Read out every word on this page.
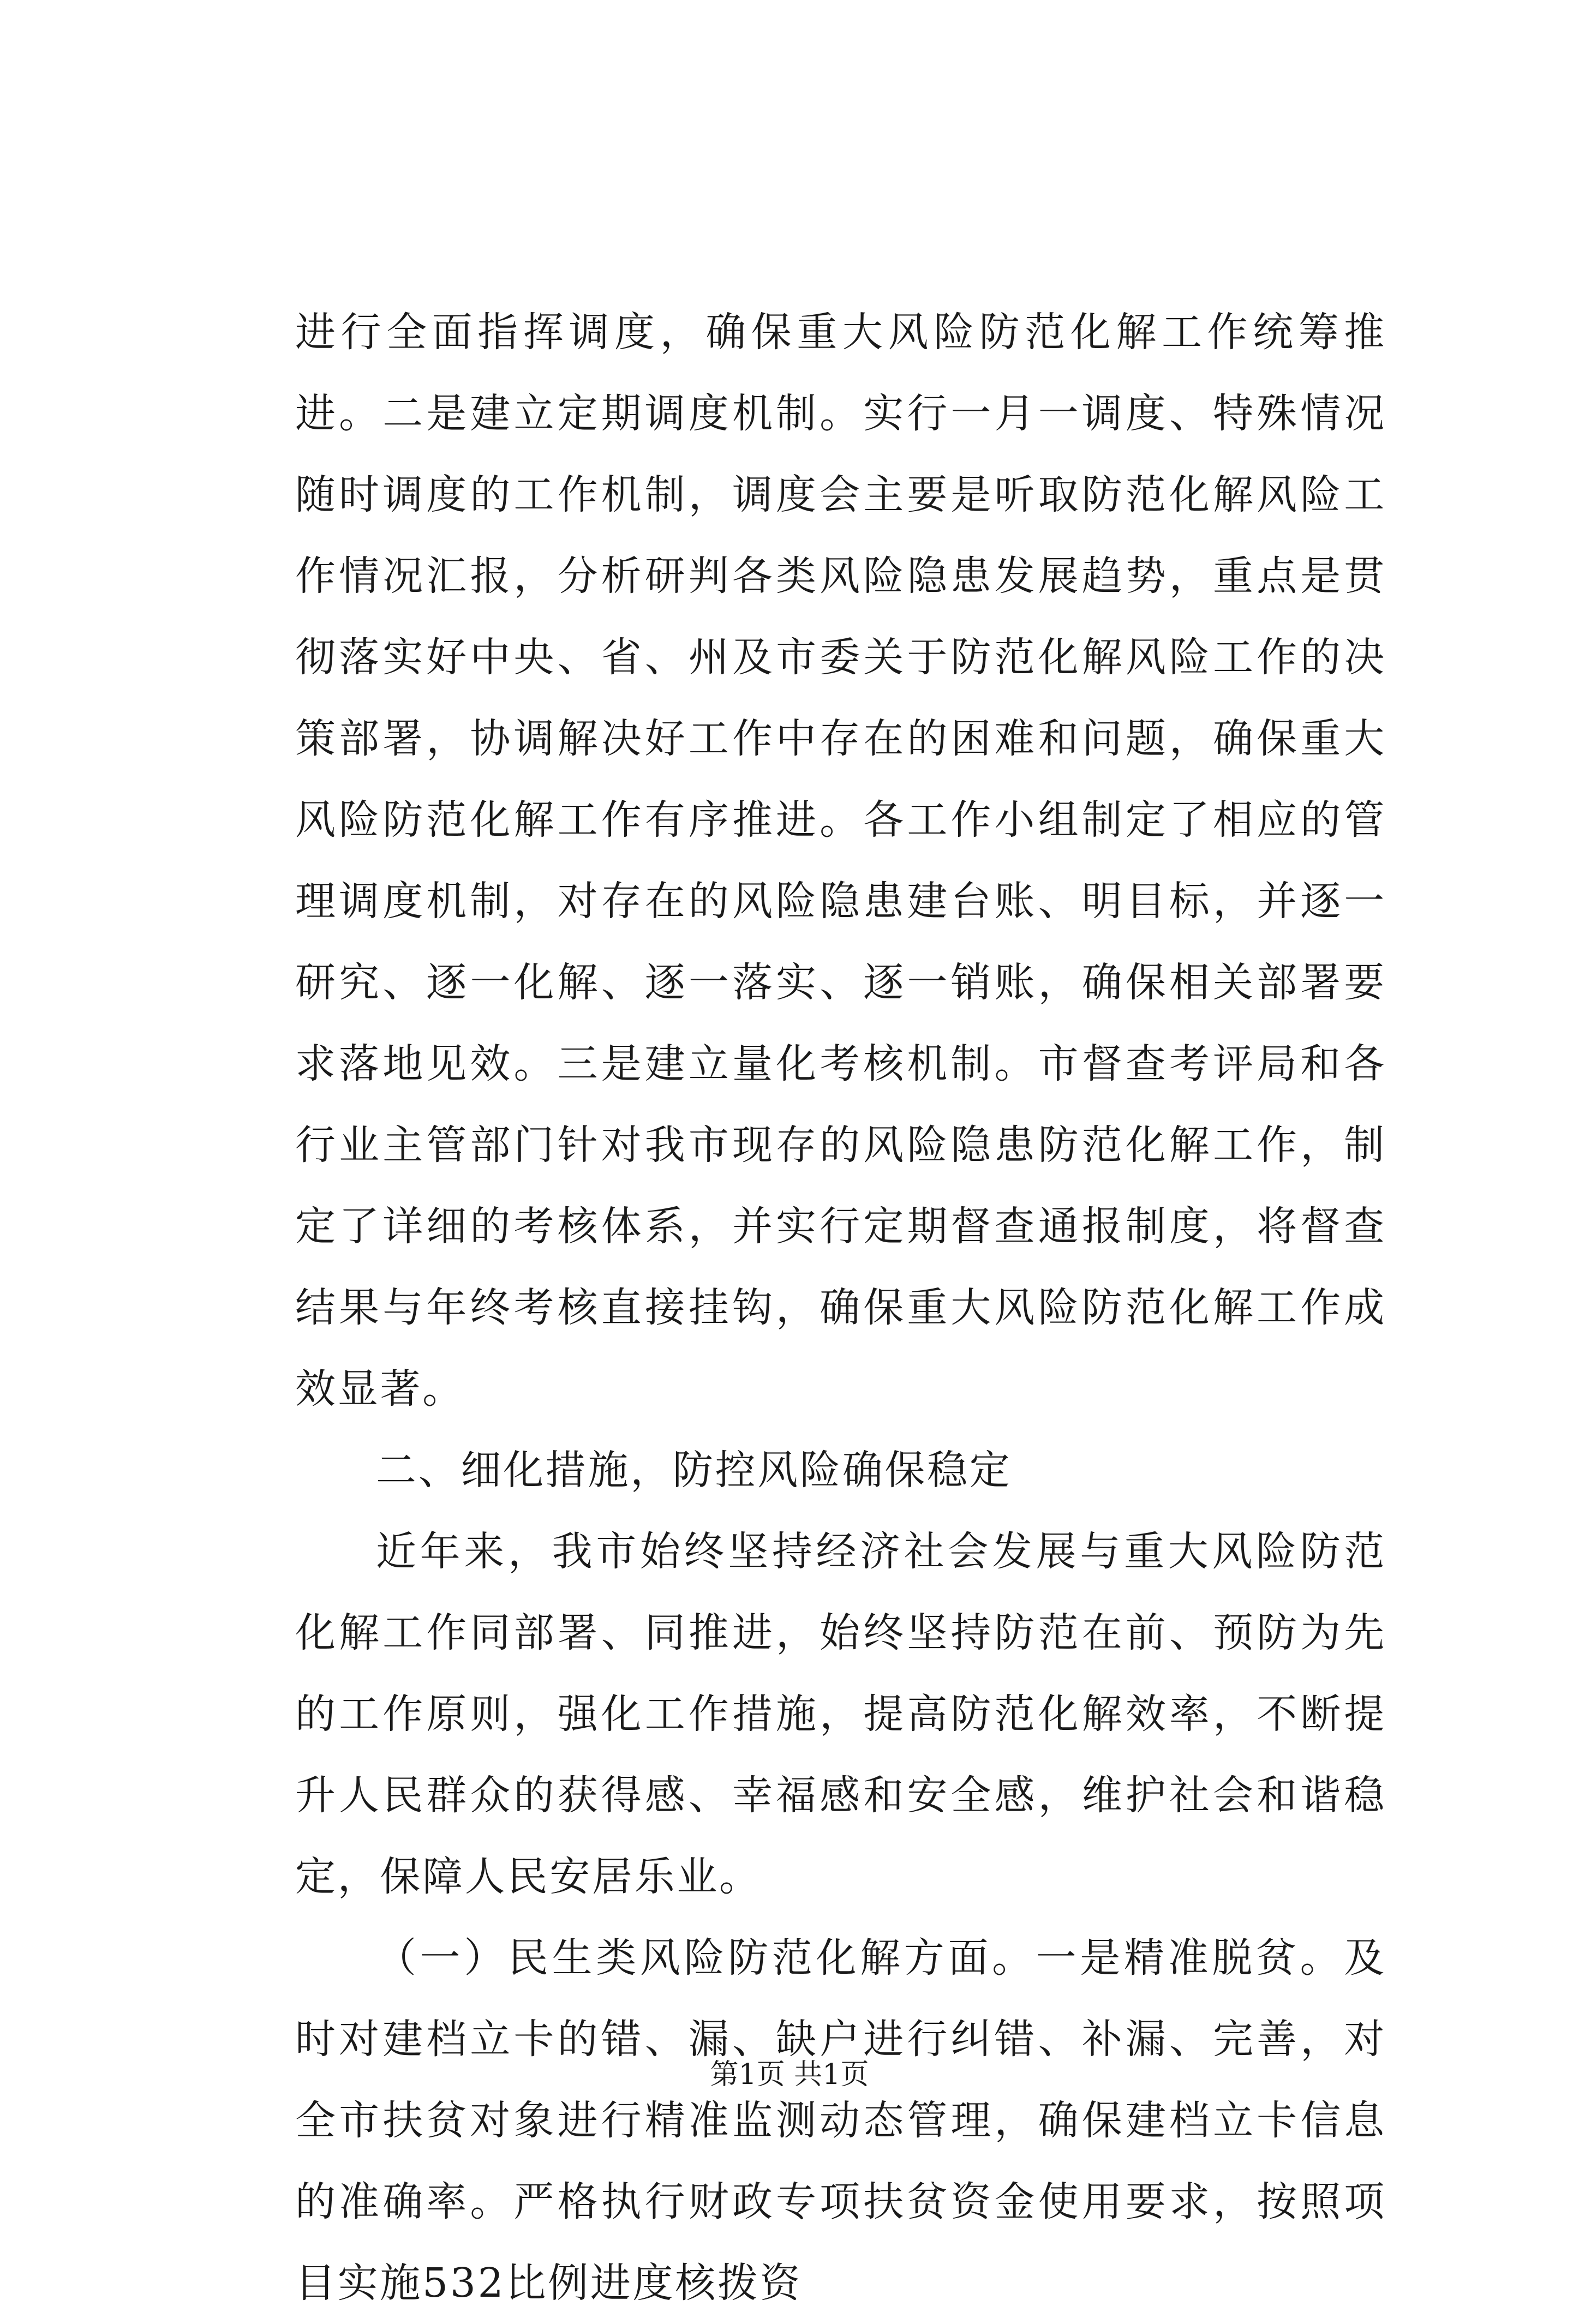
进行全面指挥调度，确保重大风险防范化解工作统筹推进。二是建立定期调度机制。实行一月一调度、特殊情况随时调度的工作机制，调度会主要是听取防范化解风险工作情况汇报，分析研判各类风险隐患发展趋势，重点是贯彻落实好中央、省、州及市委关于防范化解风险工作的决策部署，协调解决好工作中存在的困难和问题，确保重大风险防范化解工作有序推进。各工作小组制定了相应的管理调度机制，对存在的风险隐患建台账、明目标，并逐一研究、逐一化解、逐一落实、逐一销账，确保相关部署要求落地见效。三是建立量化考核机制。市督查考评局和各行业主管部门针对我市现存的风险隐患防范化解工作，制定了详细的考核体系，并实行定期督查通报制度，将督查结果与年终考核直接挂钩，确保重大风险防范化解工作成效显著。

二、细化措施，防控风险确保稳定

近年来，我市始终坚持经济社会发展与重大风险防范化解工作同部署、同推进，始终坚持防范在前、预防为先的工作原则，强化工作措施，提高防范化解效率，不断提升人民群众的获得感、幸福感和安全感，维护社会和谐稳定，保障人民安居乐业。

（一）民生类风险防范化解方面。一是精准脱贫。及时对建档立卡的错、漏、缺户进行纠错、补漏、完善，对全市扶贫对象进行精准监测动态管理，确保建档立卡信息的准确率。严格执行财政专项扶贫资金使用要求，按照项目实施532比例进度核拨资

第1页 共1页
